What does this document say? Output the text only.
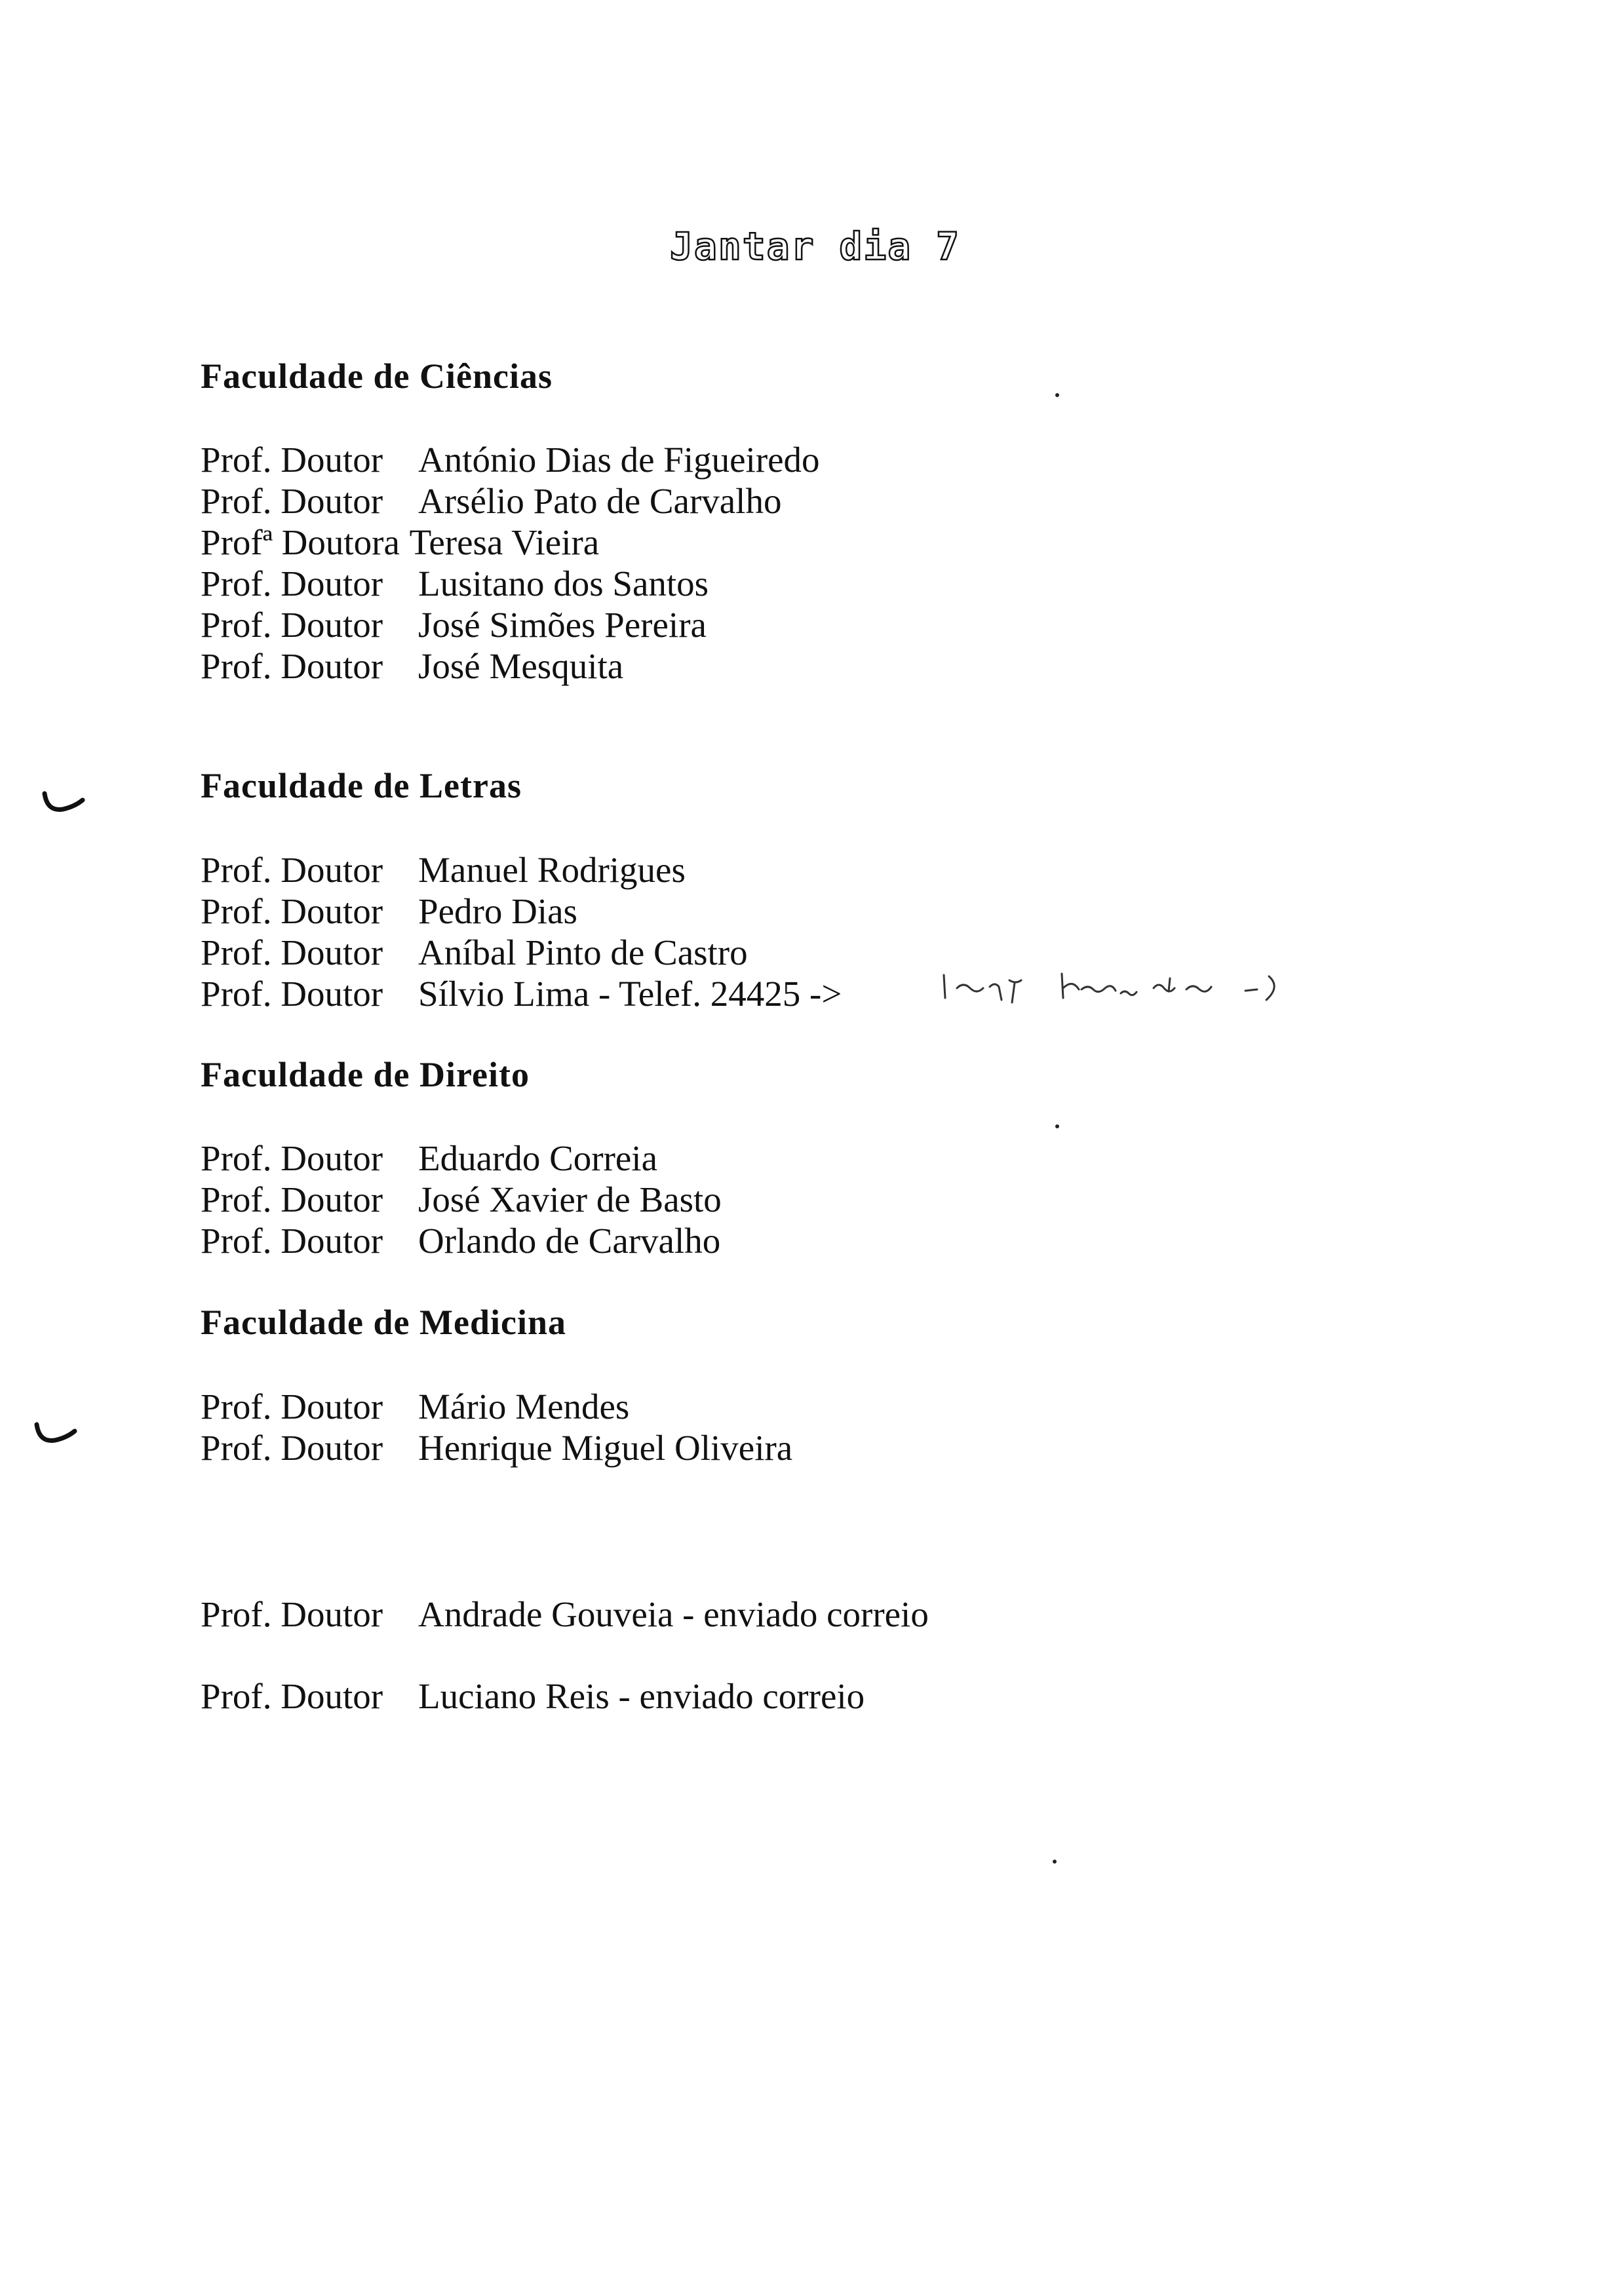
Jantar dia 7
Faculdade de Ciências
Prof. Doutor António Dias de Figueiredo
Prof. Doutor Arsélio Pato de Carvalho
Profª Doutora Teresa Vieira
Prof. Doutor Lusitano dos Santos
Prof. Doutor José Simões Pereira
Prof. Doutor José Mesquita
Faculdade de Letras
Prof. Doutor Manuel Rodrigues
Prof. Doutor Pedro Dias
Prof. Doutor Aníbal Pinto de Castro
Prof. Doutor Sílvio Lima - Telef. 24425 ->
Faculdade de Direito
Prof. Doutor Eduardo Correia
Prof. Doutor José Xavier de Basto
Prof. Doutor Orlando de Carvalho
Faculdade de Medicina
Prof. Doutor Mário Mendes
Prof. Doutor Henrique Miguel Oliveira
Prof. Doutor Andrade Gouveia - enviado correio
Prof. Doutor Luciano Reis - enviado correio
